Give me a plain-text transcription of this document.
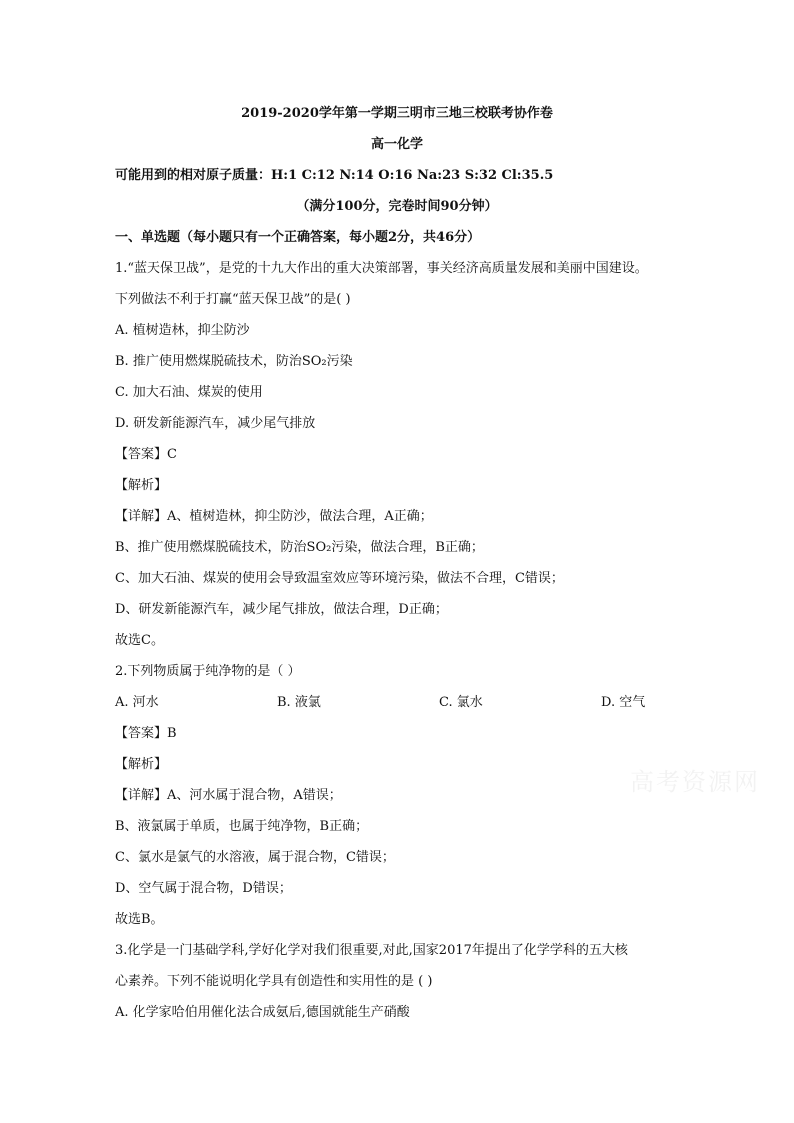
2019-2020学年第一学期三明市三地三校联考协作卷
高一化学
可能用到的相对原子质量：H:1 C:12 N:14 O:16 Na:23 S:32 Cl:35.5
（满分100分，完卷时间90分钟）
一、单选题（每小题只有一个正确答案，每小题2分，共46分）
1.“蓝天保卫战”，是党的十九大作出的重大决策部署，事关经济高质量发展和美丽中国建设。
下列做法不利于打赢“蓝天保卫战”的是( )
A. 植树造林，抑尘防沙
B. 推广使用燃煤脱硫技术，防治SO₂污染
C. 加大石油、煤炭的使用
D. 研发新能源汽车，减少尾气排放
【答案】C
【解析】
【详解】A、植树造林，抑尘防沙，做法合理，A正确；
B、推广使用燃煤脱硫技术，防治SO₂污染，做法合理，B正确；
C、加大石油、煤炭的使用会导致温室效应等环境污染，做法不合理，C错误；
D、研发新能源汽车，减少尾气排放，做法合理，D正确；
故选C。
2.下列物质属于纯净物的是（ ）
A. 河水	B. 液氯	C. 氯水	D. 空气
【答案】B
【解析】
【详解】A、河水属于混合物，A错误；
B、液氯属于单质，也属于纯净物，B正确；
C、氯水是氯气的水溶液，属于混合物，C错误；
D、空气属于混合物，D错误；
故选B。
3.化学是一门基础学科,学好化学对我们很重要,对此,国家2017年提出了化学学科的五大核
心素养。下列不能说明化学具有创造性和实用性的是 ( )
A. 化学家哈伯用催化法合成氨后,德国就能生产硝酸
高考资源网
